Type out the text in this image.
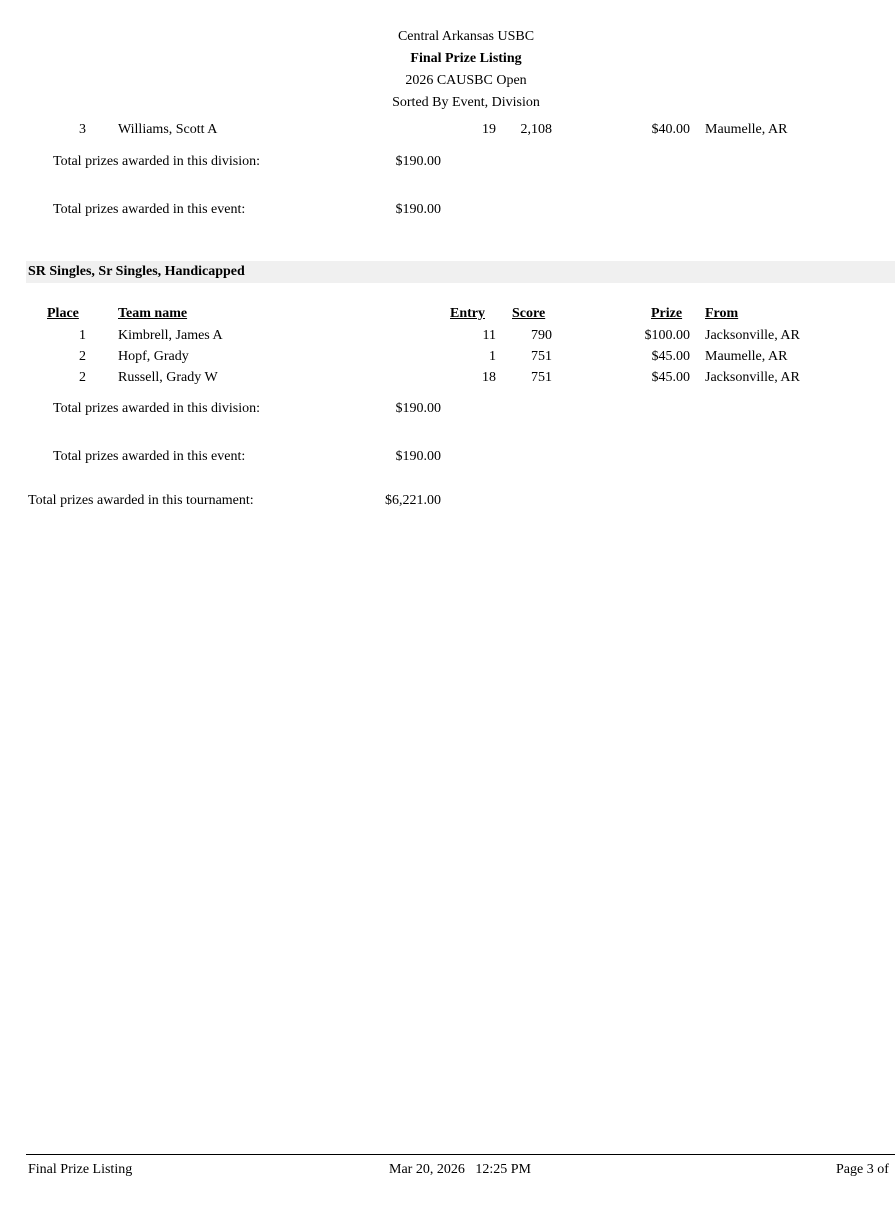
Central Arkansas USBC
Final Prize Listing
2026 CAUSBC Open
Sorted By Event, Division
3 Williams, Scott A	19	2,108	$40.00 Maumelle, AR
Total prizes awarded in this division:	$190.00
Total prizes awarded in this event:	$190.00
SR Singles, Sr Singles, Handicapped
Place	Team name	Entry Score	Prize From
1 Kimbrell, James A	11	790	$100.00 Jacksonville, AR
2 Hopf, Grady	1	751	$45.00 Maumelle, AR
2 Russell, Grady W	18	751	$45.00 Jacksonville, AR
Total prizes awarded in this division:	$190.00
Total prizes awarded in this event:	$190.00
Total prizes awarded in this tournament:	$6,221.00
Final Prize Listing	Mar 20, 2026   12:25 PM	Page 3 of
